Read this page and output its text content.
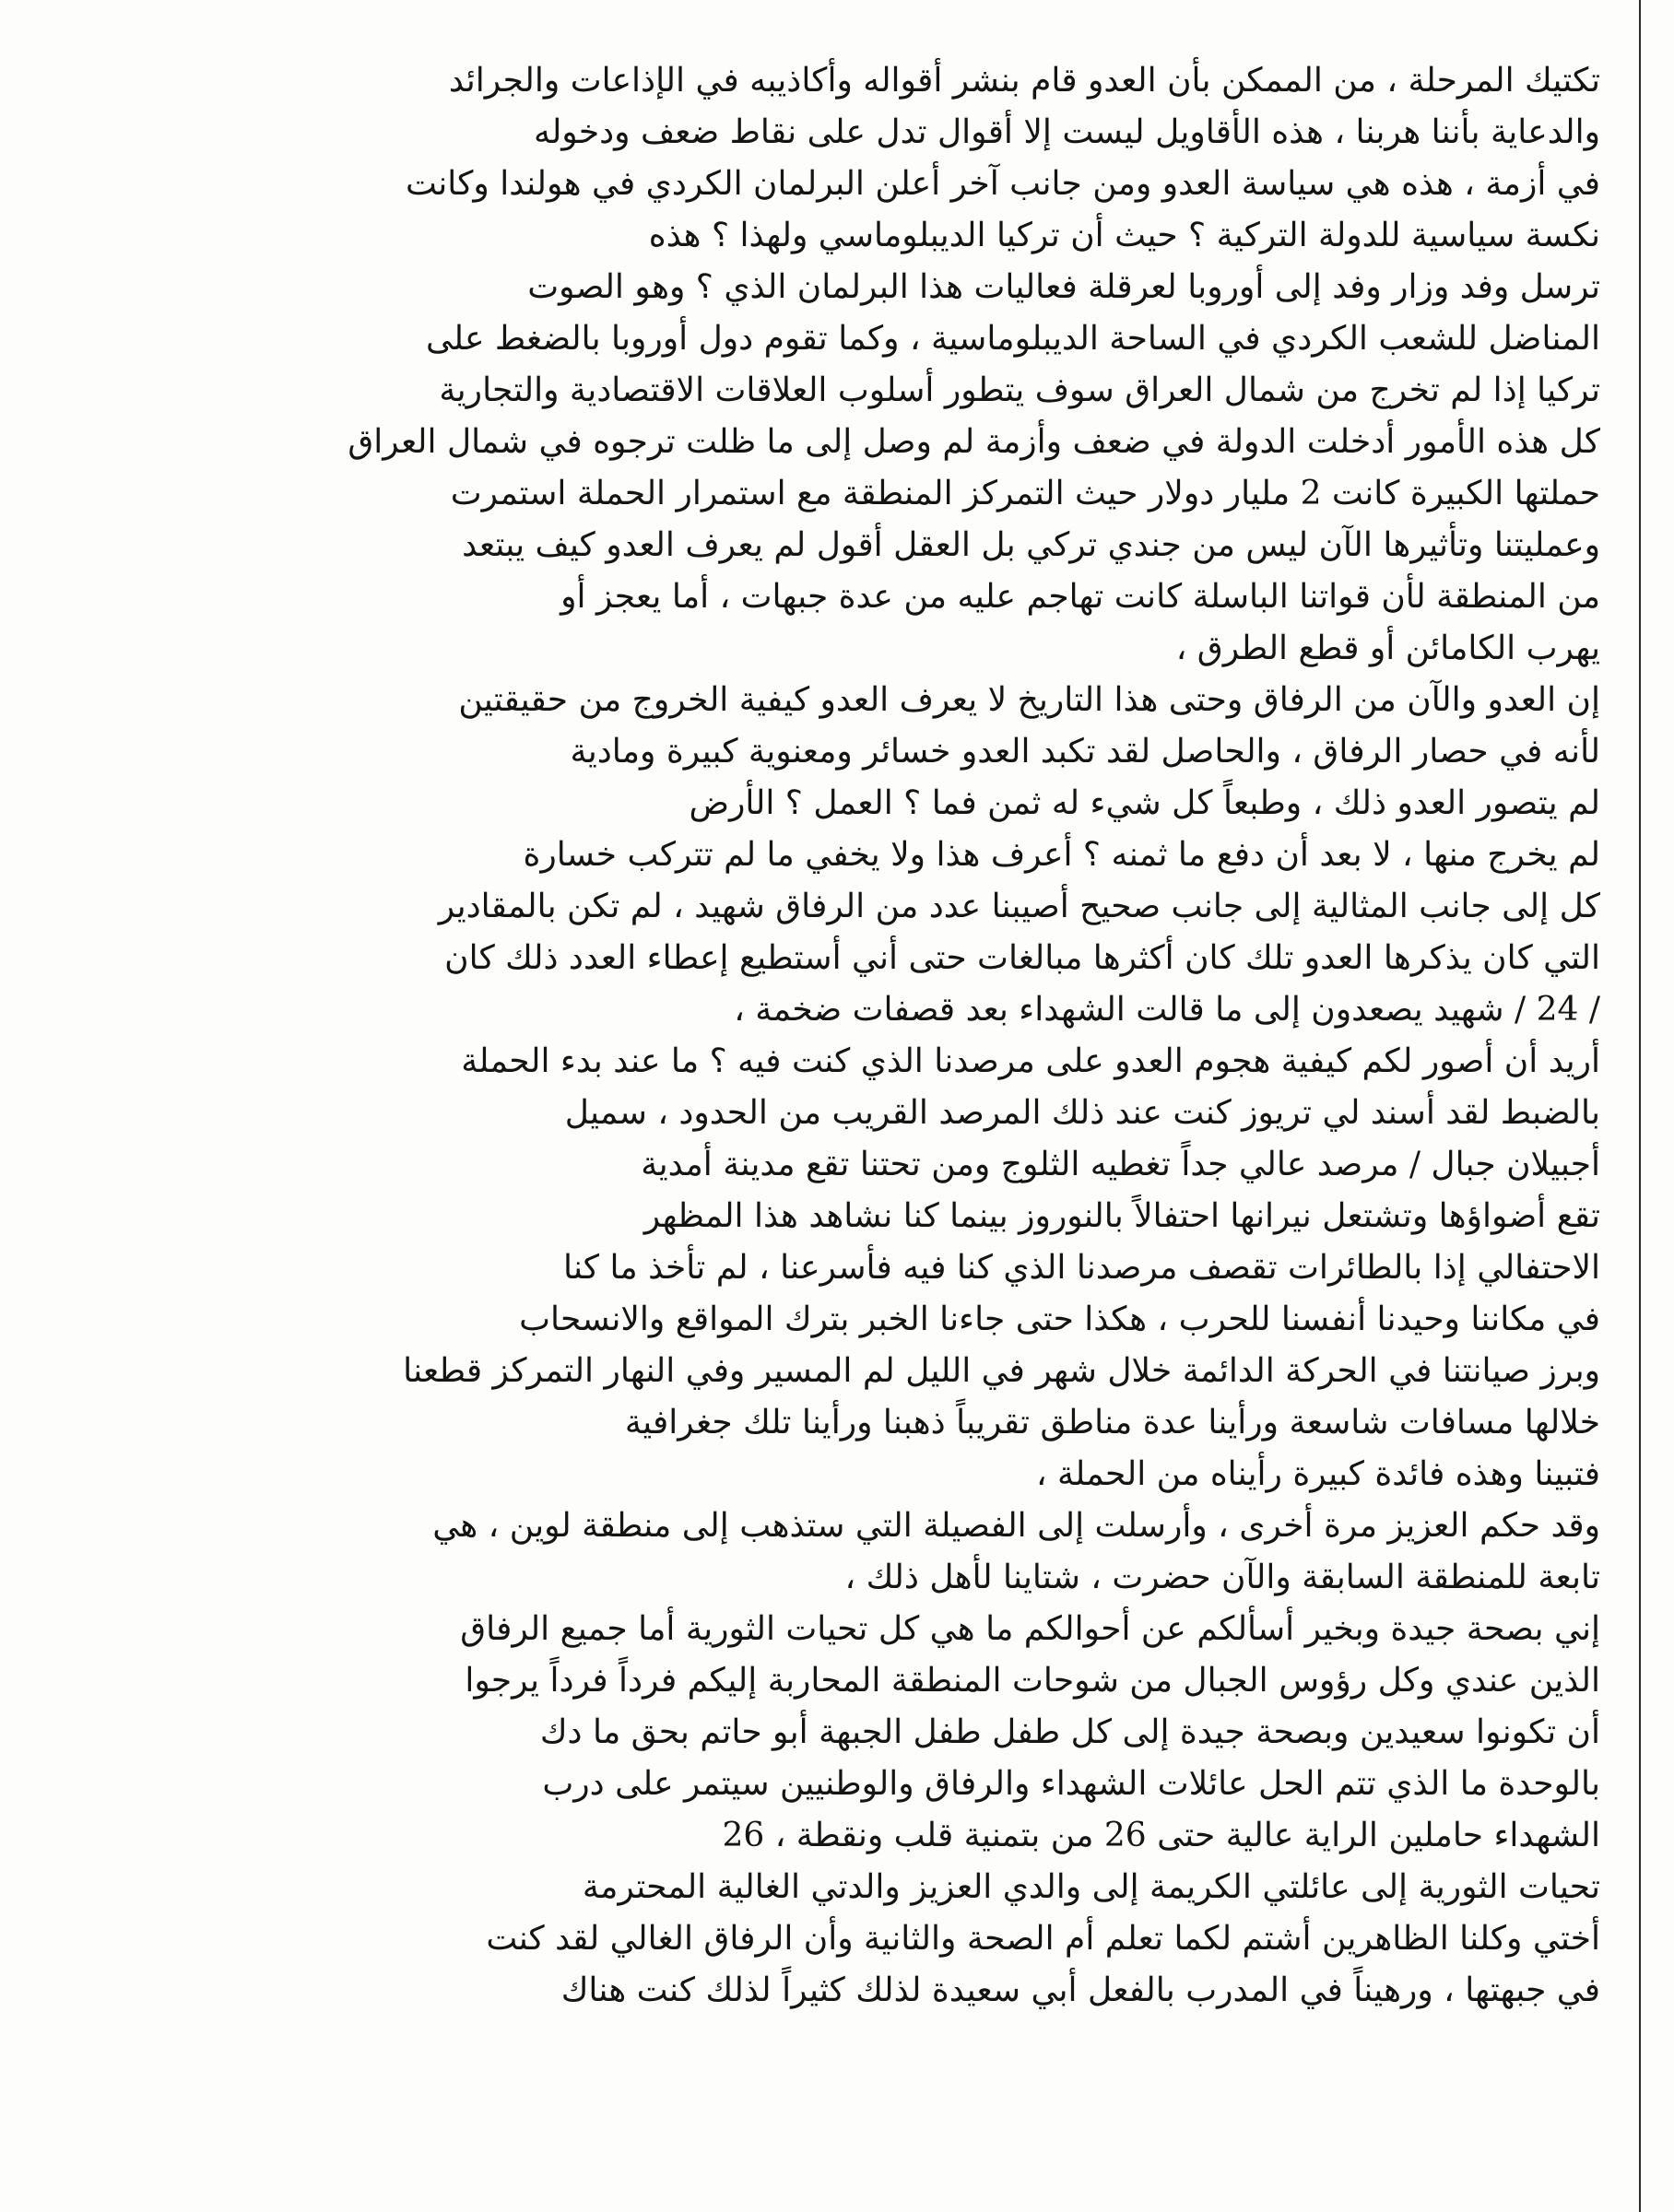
تكتيك المرحلة ، من الممكن بأن العدو قام بنشر أقواله وأكاذيبه في الإذاعات والجرائد
والدعاية بأننا هربنا ، هذه الأقاويل ليست إلا أقوال تدل على نقاط ضعف ودخوله
في أزمة ، هذه هي سياسة العدو ومن جانب آخر أعلن البرلمان الكردي في هولندا وكانت
نكسة سياسية للدولة التركية ؟ حيث أن تركيا الديبلوماسي ولهذا ؟ هذه
ترسل وفد وزار وفد إلى أوروبا لعرقلة فعاليات هذا البرلمان الذي ؟ وهو الصوت
المناضل للشعب الكردي في الساحة الديبلوماسية ، وكما تقوم دول أوروبا بالضغط على
تركيا إذا لم تخرج من شمال العراق سوف يتطور أسلوب العلاقات الاقتصادية والتجارية
كل هذه الأمور أدخلت الدولة في ضعف وأزمة لم وصل إلى ما ظلت ترجوه في شمال العراق
حملتها الكبيرة كانت 2 مليار دولار حيث التمركز المنطقة مع استمرار الحملة استمرت
وعمليتنا وتأثيرها الآن ليس من جندي تركي بل العقل أقول لم يعرف العدو كيف يبتعد
من المنطقة لأن قواتنا الباسلة كانت تهاجم عليه من عدة جبهات ، أما يعجز أو
يهرب الكامائن أو قطع الطرق ،
إن العدو والآن من الرفاق وحتى هذا التاريخ لا يعرف العدو كيفية الخروج من حقيقتين
لأنه في حصار الرفاق ، والحاصل لقد تكبد العدو خسائر ومعنوية كبيرة ومادية
لم يتصور العدو ذلك ، وطبعاً كل شيء له ثمن فما ؟ العمل ؟ الأرض
لم يخرج منها ، لا بعد أن دفع ما ثمنه ؟ أعرف هذا ولا يخفي ما لم تتركب خسارة
كل إلى جانب المثالية إلى جانب صحيح أصيبنا عدد من الرفاق شهيد ، لم تكن بالمقادير
التي كان يذكرها العدو تلك كان أكثرها مبالغات حتى أني أستطيع إعطاء العدد ذلك كان
/ 24 / شهيد يصعدون إلى ما قالت الشهداء بعد قصفات ضخمة ،
أريد أن أصور لكم كيفية هجوم العدو على مرصدنا الذي كنت فيه ؟ ما عند بدء الحملة
بالضبط لقد أسند لي تريوز كنت عند ذلك المرصد القريب من الحدود ، سميل
أجبيلان جبال / مرصد عالي جداً تغطيه الثلوج ومن تحتنا تقع مدينة أمدية
تقع أضواؤها وتشتعل نيرانها احتفالاً بالنوروز بينما كنا نشاهد هذا المظهر
الاحتفالي إذا بالطائرات تقصف مرصدنا الذي كنا فيه فأسرعنا ، لم تأخذ ما كنا
في مكاننا وحيدنا أنفسنا للحرب ، هكذا حتى جاءنا الخبر بترك المواقع والانسحاب
وبرز صيانتنا في الحركة الدائمة خلال شهر في الليل لم المسير وفي النهار التمركز قطعنا
خلالها مسافات شاسعة ورأينا عدة مناطق تقريباً ذهبنا ورأينا تلك جغرافية
فتبينا وهذه فائدة كبيرة رأيناه من الحملة ،
وقد حكم العزيز مرة أخرى ، وأرسلت إلى الفصيلة التي ستذهب إلى منطقة لوين ، هي
تابعة للمنطقة السابقة والآن حضرت ، شتاينا لأهل ذلك ،
إني بصحة جيدة وبخير أسألكم عن أحوالكم ما هي كل تحيات الثورية أما جميع الرفاق
الذين عندي وكل رؤوس الجبال من شوحات المنطقة المحاربة إليكم فرداً فرداً يرجوا
أن تكونوا سعيدين وبصحة جيدة إلى كل طفل طفل الجبهة أبو حاتم بحق ما دك
بالوحدة ما الذي تتم الحل عائلات الشهداء والرفاق والوطنيين سيتمر على درب
الشهداء حاملين الراية عالية حتى 26 من بتمنية قلب ونقطة ، 26
تحيات الثورية إلى عائلتي الكريمة إلى والدي العزيز والدتي الغالية المحترمة
أختي وكلنا الظاهرين أشتم لكما تعلم أم الصحة والثانية وأن الرفاق الغالي لقد كنت
في جبهتها ، ورهيناً في المدرب بالفعل أبي سعيدة لذلك كثيراً لذلك كنت هناك
